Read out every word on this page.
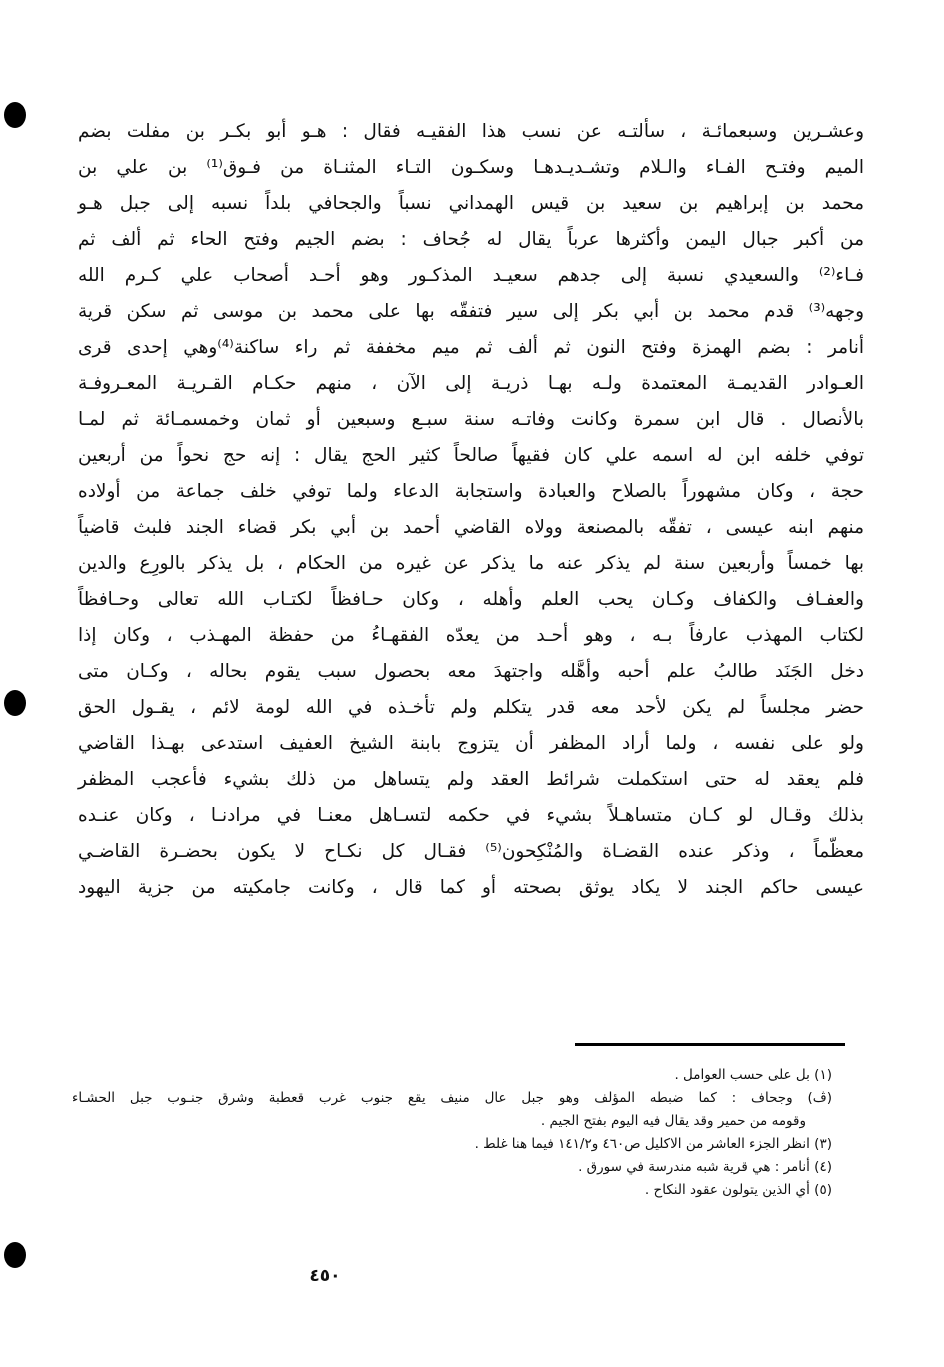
وعشـرين وسبعمائـة ، سألتـه عن نسب هذا الفقيـه فقال : هـو أبو بكـر بن مفلت بضم
الميم وفتـح الفـاء والـلام وتشـديـدهـا وسكـون التـاء المثنـاة من فـوق⁽¹⁾ بن علي بن
محمد بن إبراهيم بن سعيد بن قيس الهمداني نسباً والجحافي بلداً نسبه إلى جبل هـو
من أكبر جبال اليمن وأكثرها عرباً يقال له جُحاف : بضم الجيم وفتح الحاء ثم ألف ثم
فـاء⁽²⁾ والسعيدي نسبة إلى جدهم سعيـد المذكـور وهو أحـد أصحاب علي كـرم الله
وجهه⁽³⁾ قدم محمد بن أبي بكر إلى سير فتفقّه بها على محمد بن موسى ثم سكن قرية
أنامر : بضم الهمزة وفتح النون ثم ألف ثم ميم مخففة ثم راء ساكنة⁽⁴⁾وهي إحدى قرى
العـوادر القديمـة المعتمدة ولـه بهـا ذريـة إلى الآن ، منهم حكـام القـريـة المعـروفـة
بالأنصال . قال ابن سمرة وكانت وفاتـه سنة سبـع وسبعين أو ثمان وخمسمـائة ثم لمـا
توفي خلفه ابن له اسمه علي كان فقيهاً صالحاً كثير الحج يقال : إنه حج نحواً من أربعين
حجة ، وكان مشهوراً بالصلاح والعبادة واستجابة الدعاء ولما توفي خلف جماعة من أولاده
منهم ابنه عيسى ، تفقّه بالمصنعة وولاه القاضي أحمد بن أبي بكر قضاء الجند فلبث قاضياً
بها خمساً وأربعين سنة لم يذكر عنه ما يذكر عن غيره من الحكام ، بل يذكر بالورِع والدين
والعفـاف والكفاف وكـان يحب العلم وأهله ، وكان حـافظاً لكتـاب الله تعالى وحـافظاً
لكتاب المهذب عارفاً بـه ، وهو أحـد من يعدّه الفقهـاءُ من حفظة المهـذب ، وكان إذا
دخل الجَنَد طالبُ علم أحبه وأهَّله واجتهدَ معه بحصول سبب يقوم بحاله ، وكـان متى
حضر مجلساً لم يكن لأحد معه قدر يتكلم ولم تأخـذه في الله لومة لائم ، يقـول الحق
ولو على نفسه ، ولما أراد المظفر أن يتزوج بابنة الشيخ العفيف استدعى بهـذا القاضي
فلم يعقد له حتى استكملت شرائط العقد ولم يتساهل من ذلك بشيء فأعجب المظفر
بذلك وقـال لو كـان متساهـلاً بشيء في حكمه لتسـاهل معنـا في مرادنـا ، وكان عنـده
معظّماً ، وذكر عنده القضـاة والمُنْكِحون⁽⁵⁾ فقـال كل نكـاح لا يكون بحضـرة القاضـي
عيسى حاكم الجند لا يكاد يوثق بصحته أو كما قال ، وكانت جامكيته من جزية اليهود
(١) بل على حسب العوامل .
(ڤ) وجحاف : كما ضبطه المؤلف وهو جبل عال منيف يقع جنوب غرب قعطبة وشرق جنـوب جبل الحشـاء
وقومه من حمير وقد يقال فيه اليوم بفتح الجيم .
(٣) انظر الجزء العاشر من الاكليل ص٤٦٠ و١٤١/٢ فيما هنا غلط .
(٤) أنامر : هي قرية شبه مندرسة في سورق .
(٥) أي الذين يتولون عقود النكاح .
٤٥٠
